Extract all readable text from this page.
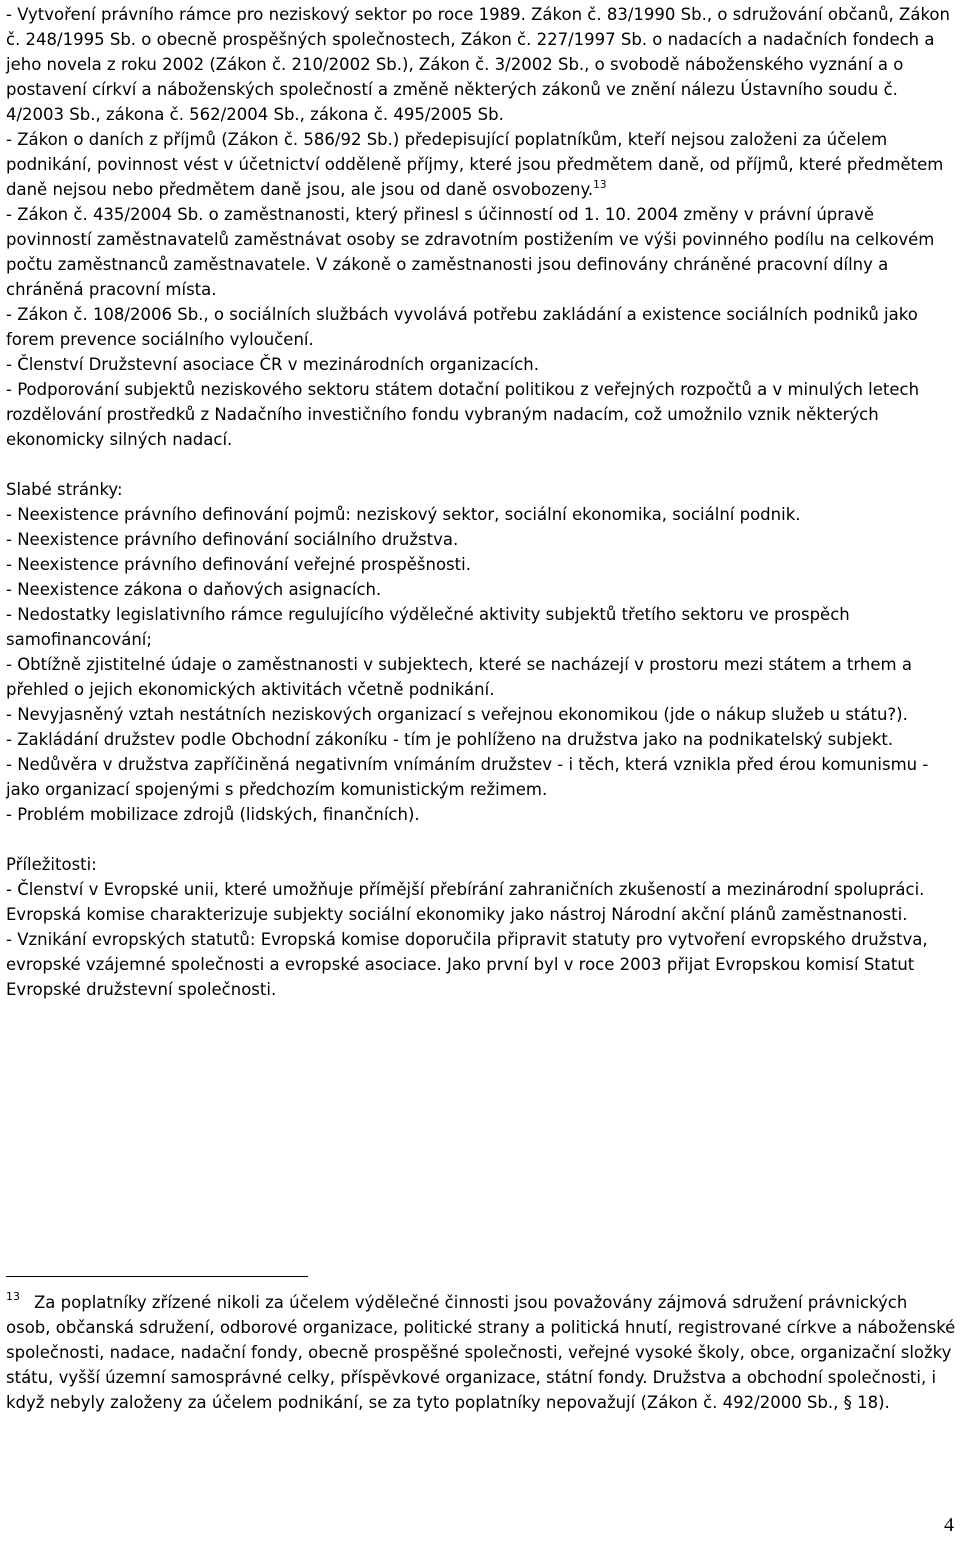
- Vytvoření právního rámce pro neziskový sektor po roce 1989. Zákon č. 83/1990 Sb., o sdružování občanů, Zákon č. 248/1995 Sb. o obecně prospěšných společnostech, Zákon č. 227/1997 Sb. o nadacích a nadačních fondech a jeho novela z roku 2002 (Zákon č. 210/2002 Sb.), Zákon č. 3/2002 Sb., o svobodě náboženského vyznání a o postavení církví a náboženských společností a změně některých zákonů ve znění nálezu Ústavního soudu č. 4/2003 Sb., zákona č. 562/2004 Sb., zákona č. 495/2005 Sb.

- Zákon o daních z příjmů (Zákon č. 586/92 Sb.) předepisující poplatníkům, kteří nejsou založeni za účelem podnikání, povinnost vést v účetnictví odděleně příjmy, které jsou předmětem daně, od příjmů, které předmětem daně nejsou nebo předmětem daně jsou, ale jsou od daně osvobozeny.$^{13}$

- Zákon č. 435/2004 Sb. o zaměstnanosti, který přinesl s účinností od 1. 10. 2004 změny v právní úpravě povinností zaměstnavatelů zaměstnávat osoby se zdravotním postižením ve výši povinného podílu na celkovém počtu zaměstnanců zaměstnavatele. V zákoně o zaměstnanosti jsou definovány chráněné pracovní dílny a chráněná pracovní místa.

- Zákon č. 108/2006 Sb., o sociálních službách vyvolává potřebu zakládání a existence sociálních podniků jako forem prevence sociálního vyloučení.

- Členství Družstevní asociace ČR v mezinárodních organizacích.

- Podporování subjektů neziskového sektoru státem dotační politikou z veřejných rozpočtů a v minulých letech rozdělování prostředků z Nadačního investičního fondu vybraným nadacím, což umožnilo vznik některých ekonomicky silných nadací.

Slabé stránky:

- Neexistence právního definování pojmů: neziskový sektor, sociální ekonomika, sociální podnik.

- Neexistence právního definování sociálního družstva.

- Neexistence právního definování veřejné prospěšnosti.

- Neexistence zákona o daňových asignacích.

- Nedostatky legislativního rámce regulujícího výdělečné aktivity subjektů třetího sektoru ve prospěch samofinancování;

- Obtížně zjistitelné údaje o zaměstnanosti v subjektech, které se nacházejí v prostoru mezi státem a trhem a přehled o jejich ekonomických aktivitách včetně podnikání.

- Nevyjasněný vztah nestátních neziskových organizací s veřejnou ekonomikou (jde o nákup služeb u státu?).

- Zakládání družstev podle Obchodní zákoníku - tím je pohlíženo na družstva jako na podnikatelský subjekt.

- Nedůvěra v družstva zapříčiněná negativním vnímáním družstev - i těch, která vznikla před érou komunismu - jako organizací spojenými s předchozím komunistickým režimem.

- Problém mobilizace zdrojů (lidských, finančních).

Příležitosti:

- Členství v Evropské unii, které umožňuje přímější přebírání zahraničních zkušeností a mezinárodní spolupráci. Evropská komise charakterizuje subjekty sociální ekonomiky jako nástroj Národní akční plánů zaměstnanosti.

- Vznikání evropských statutů: Evropská komise doporučila připravit statuty pro vytvoření evropského družstva, evropské vzájemné společnosti a evropské asociace. Jako první byl v roce 2003 přijat Evropskou komisí Statut Evropské družstevní společnosti.

$^{13}$ Za poplatníky zřízené nikoli za účelem výdělečné činnosti jsou považovány zájmová sdružení právnických osob, občanská sdružení, odborové organizace, politické strany a politická hnutí, registrované církve a náboženské společnosti, nadace, nadační fondy, obecně prospěšné společnosti, veřejné vysoké školy, obce, organizační složky státu, vyšší územní samosprávné celky, příspěvkové organizace, státní fondy. Družstva a obchodní společnosti, i když nebyly založeny za účelem podnikání, se za tyto poplatníky nepovažují (Zákon č. 492/2000 Sb., § 18).

4
